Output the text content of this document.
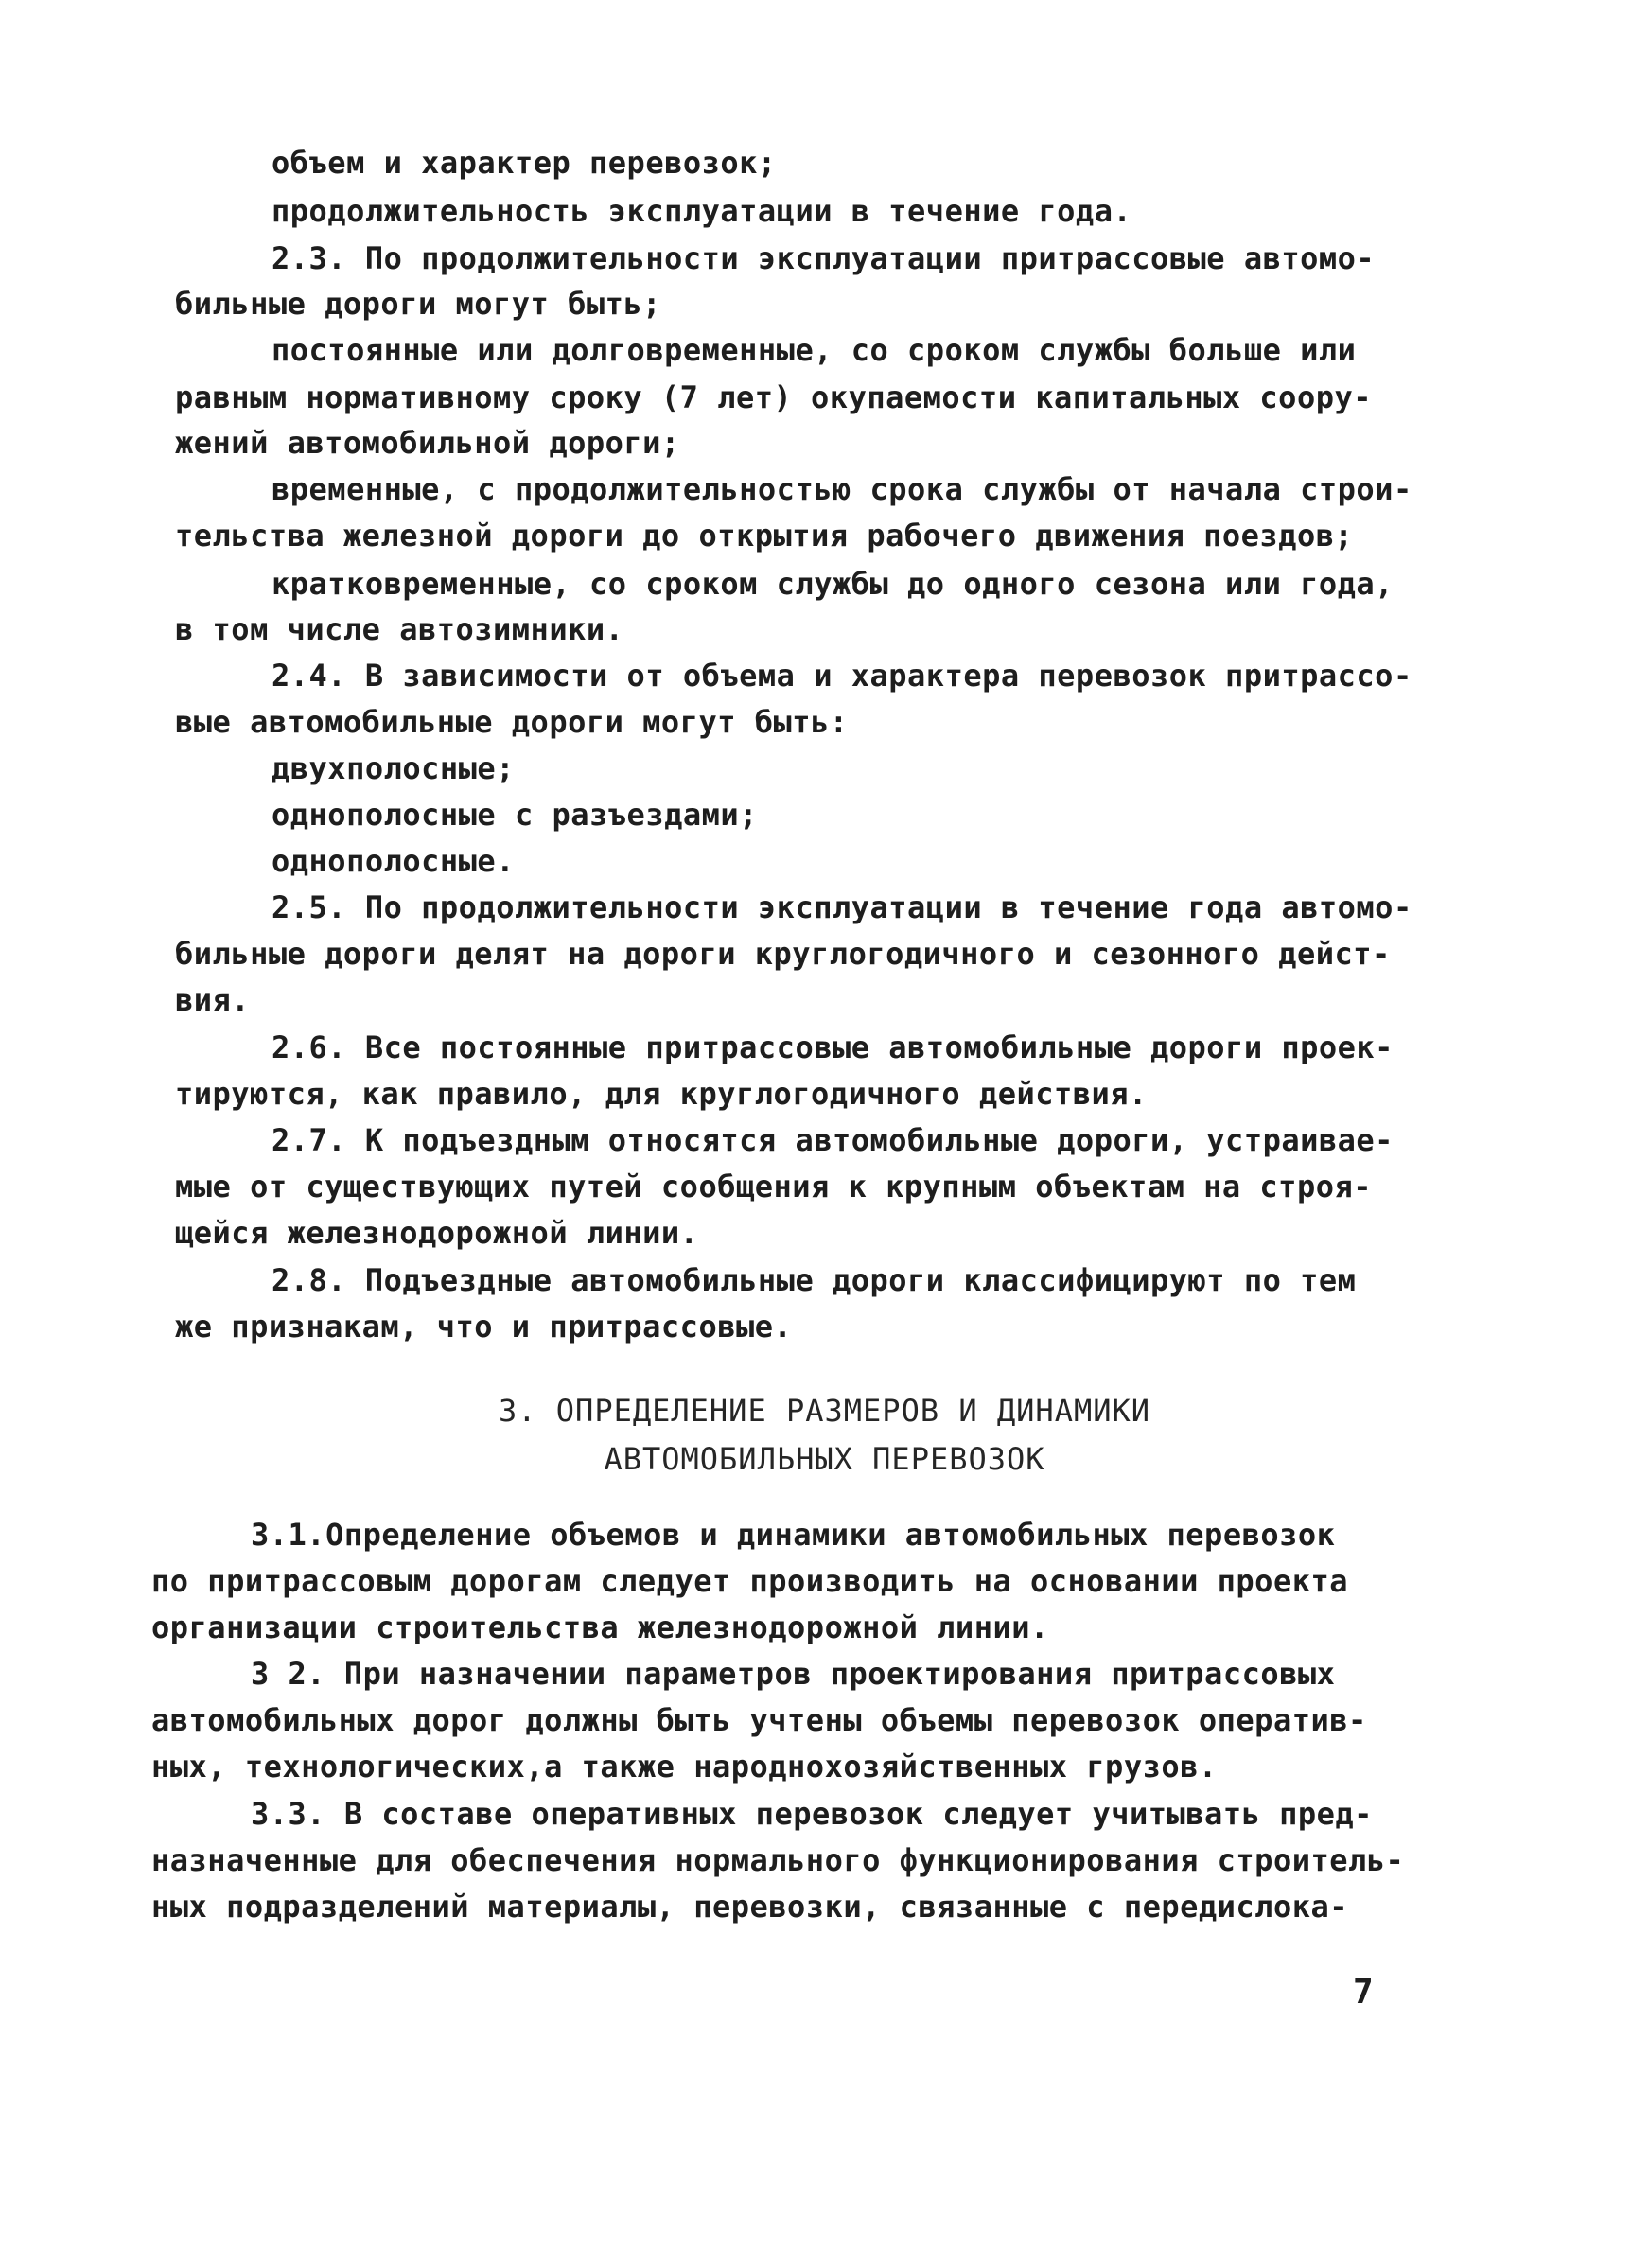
объем и характер перевозок;
продолжительность эксплуатации в течение года.
2.3. По продолжительности эксплуатации притрассовые автомо-
бильные дороги могут быть;
постоянные или долговременные, со сроком службы больше или
равным нормативному сроку (7 лет) окупаемости капитальных соору-
жений автомобильной дороги;
временные, с продолжительностью срока службы от начала строи-
тельства железной дороги до открытия рабочего движения поездов;
кратковременные, со сроком службы до одного сезона или года,
в том числе автозимники.
2.4. В зависимости от объема и характера перевозок притрассо-
вые автомобильные дороги могут быть:
двухполосные;
однополосные с разъездами;
однополосные.
2.5. По продолжительности эксплуатации в течение года автомо-
бильные дороги делят на дороги круглогодичного и сезонного дейст-
вия.
2.6. Все постоянные притрассовые автомобильные дороги проек-
тируются, как правило, для круглогодичного действия.
2.7. К подъездным относятся автомобильные дороги, устраивае-
мые от существующих путей сообщения к крупным объектам на строя-
щейся железнодорожной линии.
2.8. Подъездные автомобильные дороги классифицируют по тем
же признакам, что и притрассовые.
3. ОПРЕДЕЛЕНИЕ РАЗМЕРОВ И ДИНАМИКИ
АВТОМОБИЛЬНЫХ ПЕРЕВОЗОК
3.1.Определение объемов и динамики автомобильных перевозок
по притрассовым дорогам следует производить на основании проекта
организации строительства железнодорожной линии.
3 2. При назначении параметров проектирования притрассовых
автомобильных дорог должны быть учтены объемы перевозок оператив-
ных, технологических,а также народнохозяйственных грузов.
3.3. В составе оперативных перевозок следует учитывать пред-
назначенные для обеспечения нормального функционирования строитель-
ных подразделений материалы, перевозки, связанные с передислока-
7
